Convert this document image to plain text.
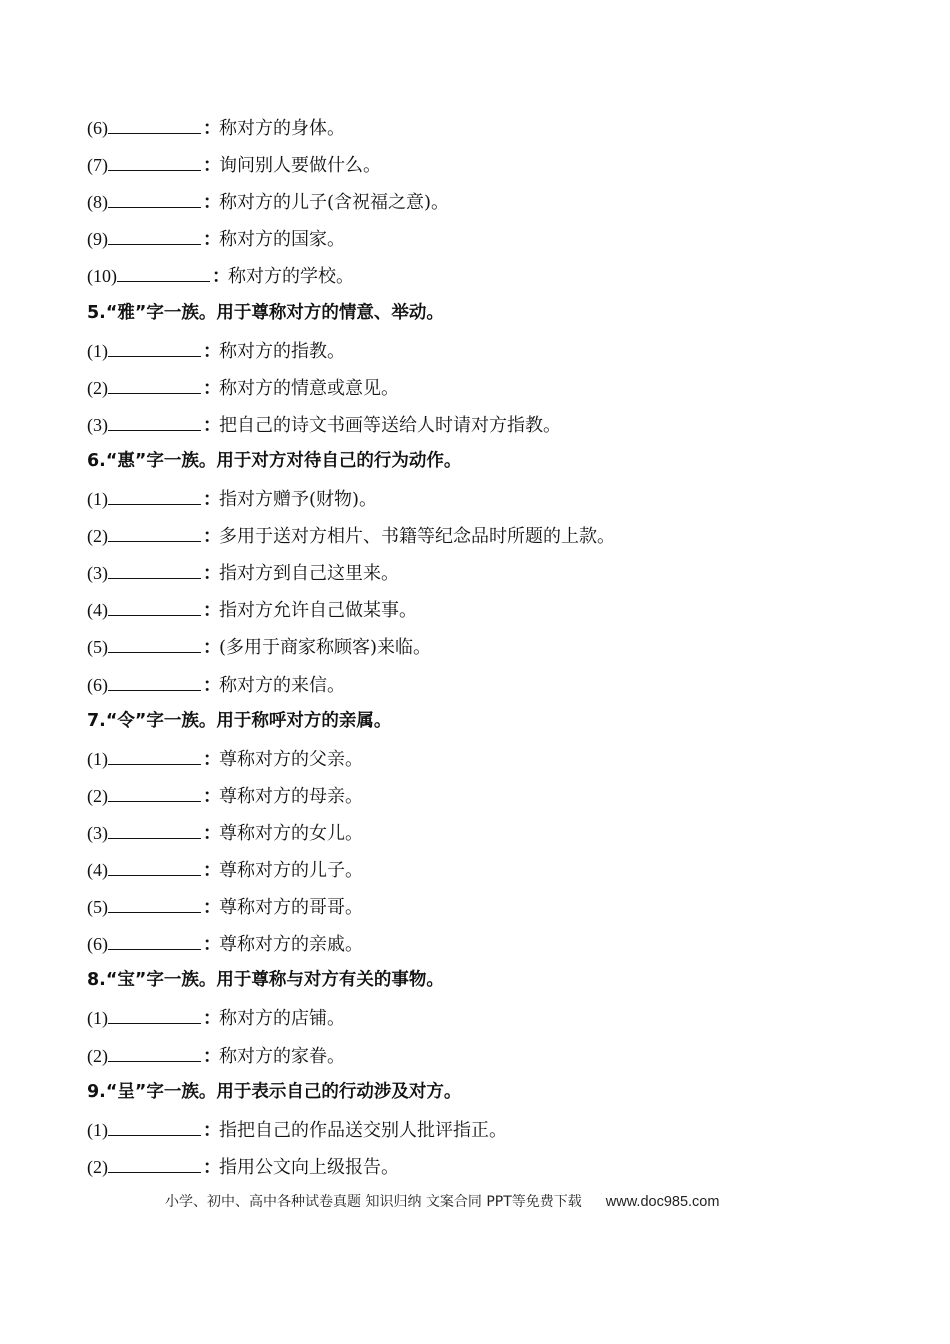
(6)	：称对方的身体。
(7)	：询问别人要做什么。
(8)	：称对方的儿子(含祝福之意)。
(9)	：称对方的国家。
(10)	：称对方的学校。
5.“雅”字一族。用于尊称对方的情意、举动。
(1)	：称对方的指教。
(2)	：称对方的情意或意见。
(3)	：把自己的诗文书画等送给人时请对方指教。
6.“惠”字一族。用于对方对待自己的行为动作。
(1)	：指对方赠予(财物)。
(2)	：多用于送对方相片、书籍等纪念品时所题的上款。
(3)	：指对方到自己这里来。
(4)	：指对方允许自己做某事。
(5)	：(多用于商家称顾客)来临。
(6)	：称对方的来信。
7.“令”字一族。用于称呼对方的亲属。
(1)	：尊称对方的父亲。
(2)	：尊称对方的母亲。
(3)	：尊称对方的女儿。
(4)	：尊称对方的儿子。
(5)	：尊称对方的哥哥。
(6)	：尊称对方的亲戚。
8.“宝”字一族。用于尊称与对方有关的事物。
(1)	：称对方的店铺。
(2)	：称对方的家眷。
9.“呈”字一族。用于表示自己的行动涉及对方。
(1)	：指把自己的作品送交别人批评指正。
(2)	：指用公文向上级报告。
小学、初中、高中各种试卷真题 知识归纳 文案合同 PPT等免费下载 www.doc985.com
